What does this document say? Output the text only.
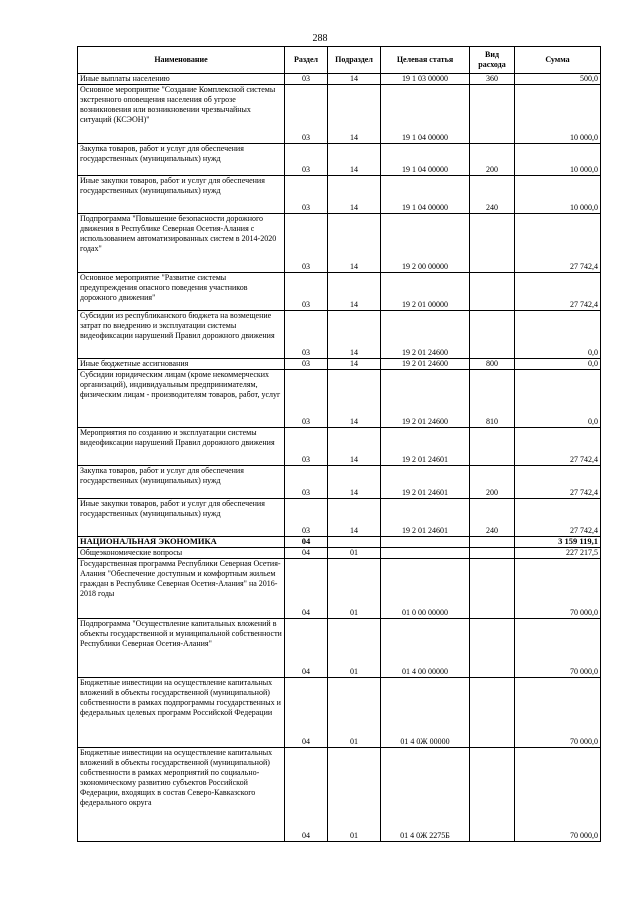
288
Наименование	Раздел	Подраздел	Целевая статья	Вид расхода	Сумма
Иные выплаты населению	03	14	19 1 03 00000	360	500,0
Основное мероприятие "Создание Комплексной системы экстренного оповещения населения об угрозе возникновения или возникновении чрезвычайных ситуаций (КСЭОН)"	03	14	19 1 04 00000		10 000,0
Закупка товаров, работ и услуг для обеспечения государственных (муниципальных) нужд	03	14	19 1 04 00000	200	10 000,0
Иные закупки товаров, работ и услуг для обеспечения государственных (муниципальных) нужд	03	14	19 1 04 00000	240	10 000,0
Подпрограмма "Повышение безопасности дорожного движения в Республике Северная Осетия-Алания с использованием автоматизированных систем в 2014-2020 годах"	03	14	19 2 00 00000		27 742,4
Основное мероприятие "Развитие системы предупреждения опасного поведения участников дорожного движения"	03	14	19 2 01 00000		27 742,4
Субсидии из республиканского бюджета на возмещение затрат по внедрению и эксплуатации системы видеофиксации нарушений Правил дорожного движения	03	14	19 2 01 24600		0,0
Иные бюджетные ассигнования	03	14	19 2 01 24600	800	0,0
Субсидии юридическим лицам (кроме некоммерческих организаций), индивидуальным предпринимателям, физическим лицам - производителям товаров, работ, услуг	03	14	19 2 01 24600	810	0,0
Мероприятия по созданию и эксплуатации системы видеофиксации нарушений Правил дорожного движения	03	14	19 2 01 24601		27 742,4
Закупка товаров, работ и услуг для обеспечения государственных (муниципальных) нужд	03	14	19 2 01 24601	200	27 742,4
Иные закупки товаров, работ и услуг для обеспечения государственных (муниципальных) нужд	03	14	19 2 01 24601	240	27 742,4
НАЦИОНАЛЬНАЯ ЭКОНОМИКА	04				3 159 119,1
Общеэкономические вопросы	04	01			227 217,5
Государственная программа Республики Северная Осетия-Алания "Обеспечение доступным и комфортным жильем граждан в Республике Северная Осетия-Алания" на 2016-2018 годы	04	01	01 0 00 00000		70 000,0
Подпрограмма "Осуществление капитальных вложений в объекты государственной и муниципальной собственности Республики Северная Осетия-Алания"	04	01	01 4 00 00000		70 000,0
Бюджетные инвестиции на осуществление капитальных вложений в объекты государственной (муниципальной) собственности в рамках подпрограммы государственных и федеральных целевых программ Российской Федерации	04	01	01 4 0Ж 00000		70 000,0
Бюджетные инвестиции на осуществление капитальных вложений в объекты государственной (муниципальной) собственности в рамках мероприятий по социально-экономическому развитию субъектов Российской Федерации, входящих в состав Северо-Кавказского федерального округа	04	01	01 4 0Ж 2275Б		70 000,0
